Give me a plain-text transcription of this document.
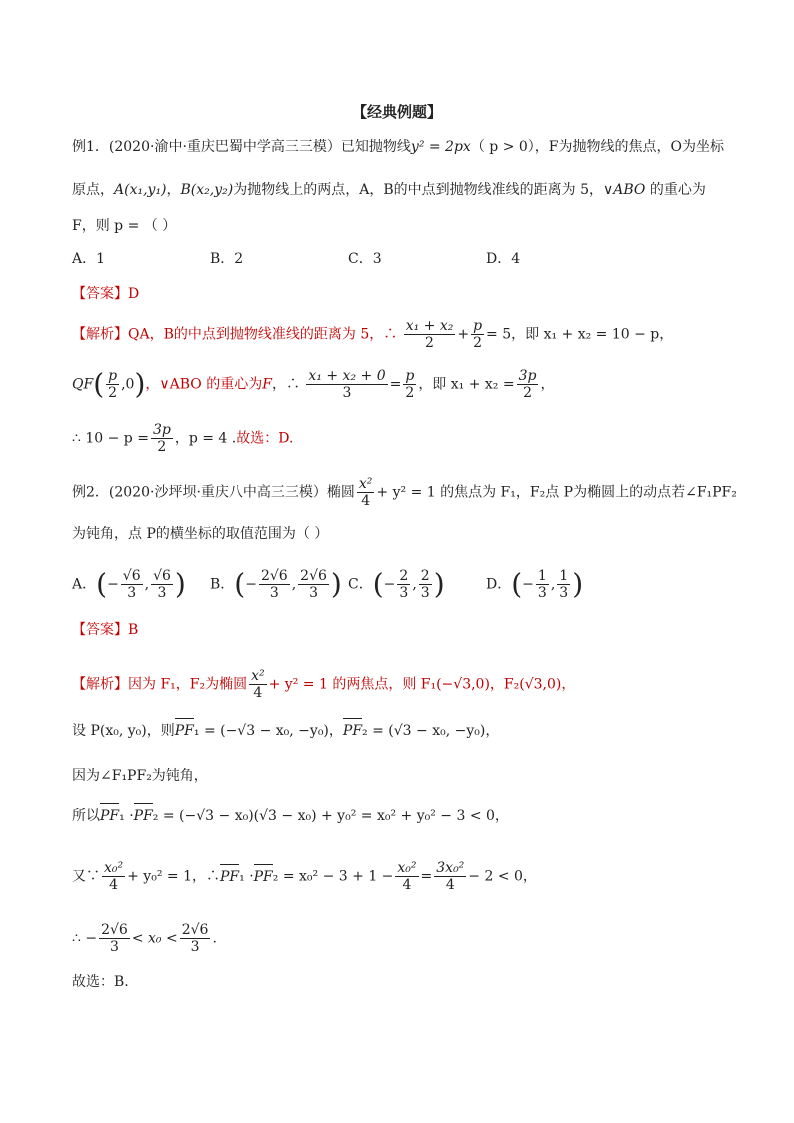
【经典例题】
例1．(2020·渝中·重庆巴蜀中学高三三模）已知抛物线y² = 2px（ p > 0），F为抛物线的焦点，O为坐标
原点，A(x₁,y₁)，B(x₂,y₂)为抛物线上的两点，A，B的中点到抛物线准线的距离为 5，∨ABO 的重心为
F，则 p = （ ）
A．1	B．2	C．3	D．4
【答案】D
【解析】QA，B的中点到抛物线准线的距离为 5，∴ $\frac{\text{x₁ + x₂}}{2} + \frac{p}{2} = 5$，即 x₁ + x₂ = 10 − p，
$QF( \frac{p}{2} ,0)$，∨ABO 的重心为F，∴ $\frac{\text{x₁ + x₂ + 0}}{3} = \frac{p}{2}$ ，即 $x_1 + x_2 = \frac{3p}{2}$ ，
∴ $10 - p = \frac{3p}{2}$ ，p = 4 .故选：D.
例2．(2020·沙坪坝·重庆八中高三三模）椭圆 $\frac{\text{x²}}{4} + y^2 = 1$ 的焦点为 F₁，F₂点 P为椭圆上的动点若∠F₁PF₂
为钝角，点 P的横坐标的取值范围为（ ）
A．(− $\frac{√6}{3}$ , $\frac{√6}{3}$ ) B．(− $\frac{2√6}{3}$ , $\frac{2√6}{3}$ ) C．(− $\frac{2}{3}$ , $\frac{2}{3}$ )	D．(− $\frac{1}{3}$ , $\frac{1}{3}$ )
【答案】B
【解析】因为 F₁，F₂为椭圆 $\frac{\text{x²}}{4} + y^2 = 1$ 的两焦点，则 F₁(−√3,0)，F₂(√3,0)，
设 P(x₀, y₀)，则PF₁ = (−√3 − x₀, −y₀)，PF₂ = (√3 − x₀, −y₀)，
因为∠F₁PF₂为钝角，
所以PF₁ ·PF₂ = (−√3 − x₀)(√3 − x₀) + y₀² = x₀² + y₀² − 3 < 0，
又∵ $\frac{\text{x₀²}}{4} + y_0^2 = 1$，∴PF₁ $\cdot PF_2 = x_0^2 - 3 + 1 - \frac{\text{x₀²}}{4} = \frac{\text{3x₀²}}{4} - 2 < 0$，
∴ − $\frac{2√6}{3} < x_0 < \frac{2√6}{3}$ .
故选：B.
